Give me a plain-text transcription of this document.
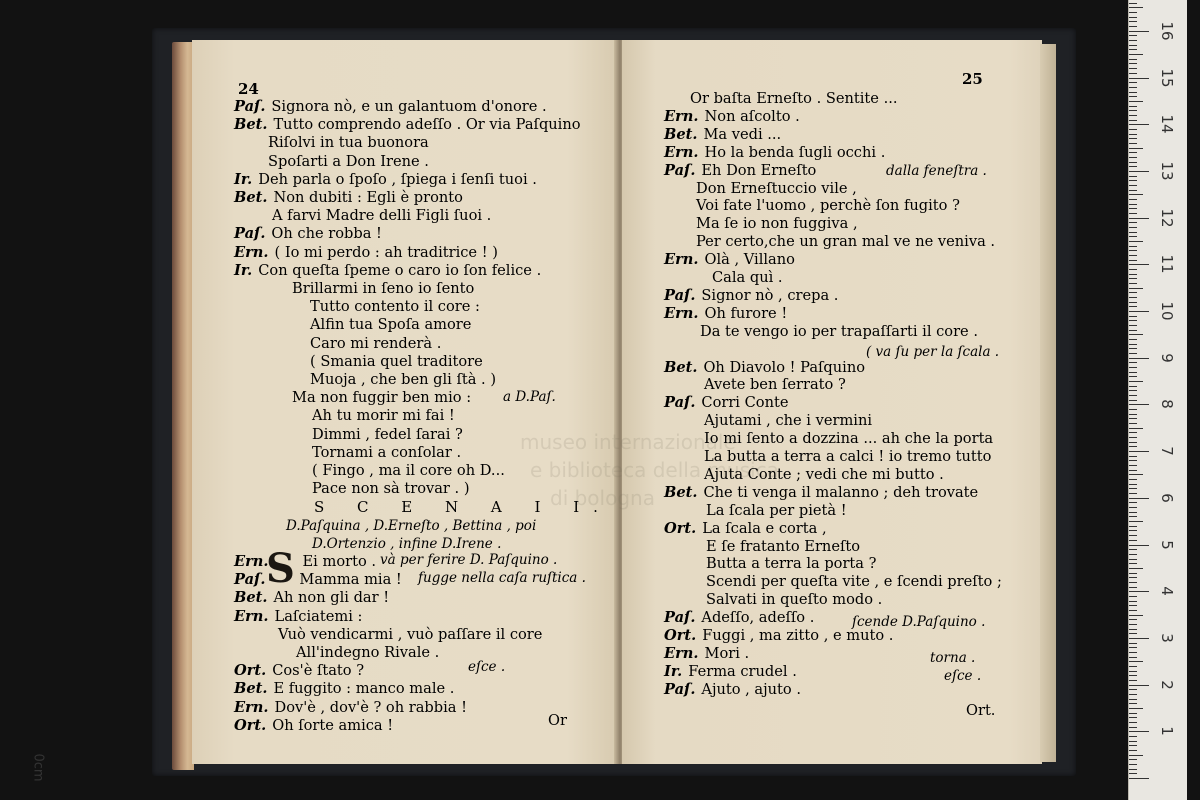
museo internazionale
e biblioteca della musica
di bologna
24
Paſ. Signora nò, e un galantuom d'onore .
Bet. Tutto comprendo adeſſo . Or via Paſquino
Riſolvi in tua buonora
Spoſarti a Don Irene .
Ir. Deh parla o ſpoſo , ſpiega i ſenſi tuoi .
Bet. Non dubiti : Egli è pronto
A farvi Madre delli Figli ſuoi .
Paſ. Oh che robba !
Ern. ( Io mi perdo : ah traditrice ! )
Ir. Con queſta ſpeme o caro io ſon felice .
Brillarmi in ſeno io ſento
Tutto contento il core :
Alfin tua Spoſa amore
Caro mi renderà .
( Smania quel traditore
Muoja , che ben gli ſtà . )
Ma non fuggir ben mio :
Ah tu morir mi fai !
Dimmi , fedel ſarai ?
Tornami a conſolar .
( Fingo , ma il core oh D...
Pace non sà trovar . )
S C E N A I I.
D.Paſquina , D.Erneſto , Bettina , poi
D.Ortenzio , infine D.Irene .
Ern. Ei morto .
Paſ. Mamma mia !
Bet. Ah non gli dar !
Ern. Laſciatemi :
Vuò vendicarmi , vuò paſſare il core
All'indegno Rivale .
Ort. Cos'è ſtato ?
Bet. E fuggito : manco male .
Ern. Dov'è , dov'è ? oh rabbia !
Ort. Oh ſorte amica !
S
a D.Paſ.
và per ferire D. Paſquino .
fugge nella caſa ruſtica .
eſce .
Or
25
Or baſta Erneſto . Sentite ...
Ern. Non aſcolto .
Bet. Ma vedi ...
Ern. Ho la benda ſugli occhi .
Paſ. Eh Don Erneſto
Don Erneſtuccio vile ,
Voi fate l'uomo , perchè ſon fugito ?
Ma ſe io non fuggiva ,
Per certo,che un gran mal ve ne veniva .
Ern. Olà , Villano
Cala quì .
Paſ. Signor nò , crepa .
Ern. Oh furore !
Da te vengo io per trapaſſarti il core .
Bet. Oh Diavolo ! Paſquino
Avete ben ſerrato ?
Paſ. Corri Conte
Ajutami , che i vermini
Io mi ſento a dozzina ... ah che la porta
La butta a terra a calci ! io tremo tutto
Ajuta Conte ; vedi che mi butto .
Bet. Che ti venga il malanno ; deh trovate
La ſcala per pietà !
Ort. La ſcala e corta ,
E ſe fratanto Erneſto
Butta a terra la porta ?
Scendi per queſta vite , e ſcendi preſto ;
Salvati in queſto modo .
Paſ. Adeſſo, adeſſo .
Ort. Fuggi , ma zitto , e muto .
Ern. Mori .
Ir. Ferma crudel .
Paſ. Ajuto , ajuto .
dalla feneſtra .
( va ſu per la ſcala .
ſcende D.Paſquino .
torna .
eſce .
Ort.
1
2
3
4
5
6
7
8
9
10
11
12
13
14
15
16
0cm
